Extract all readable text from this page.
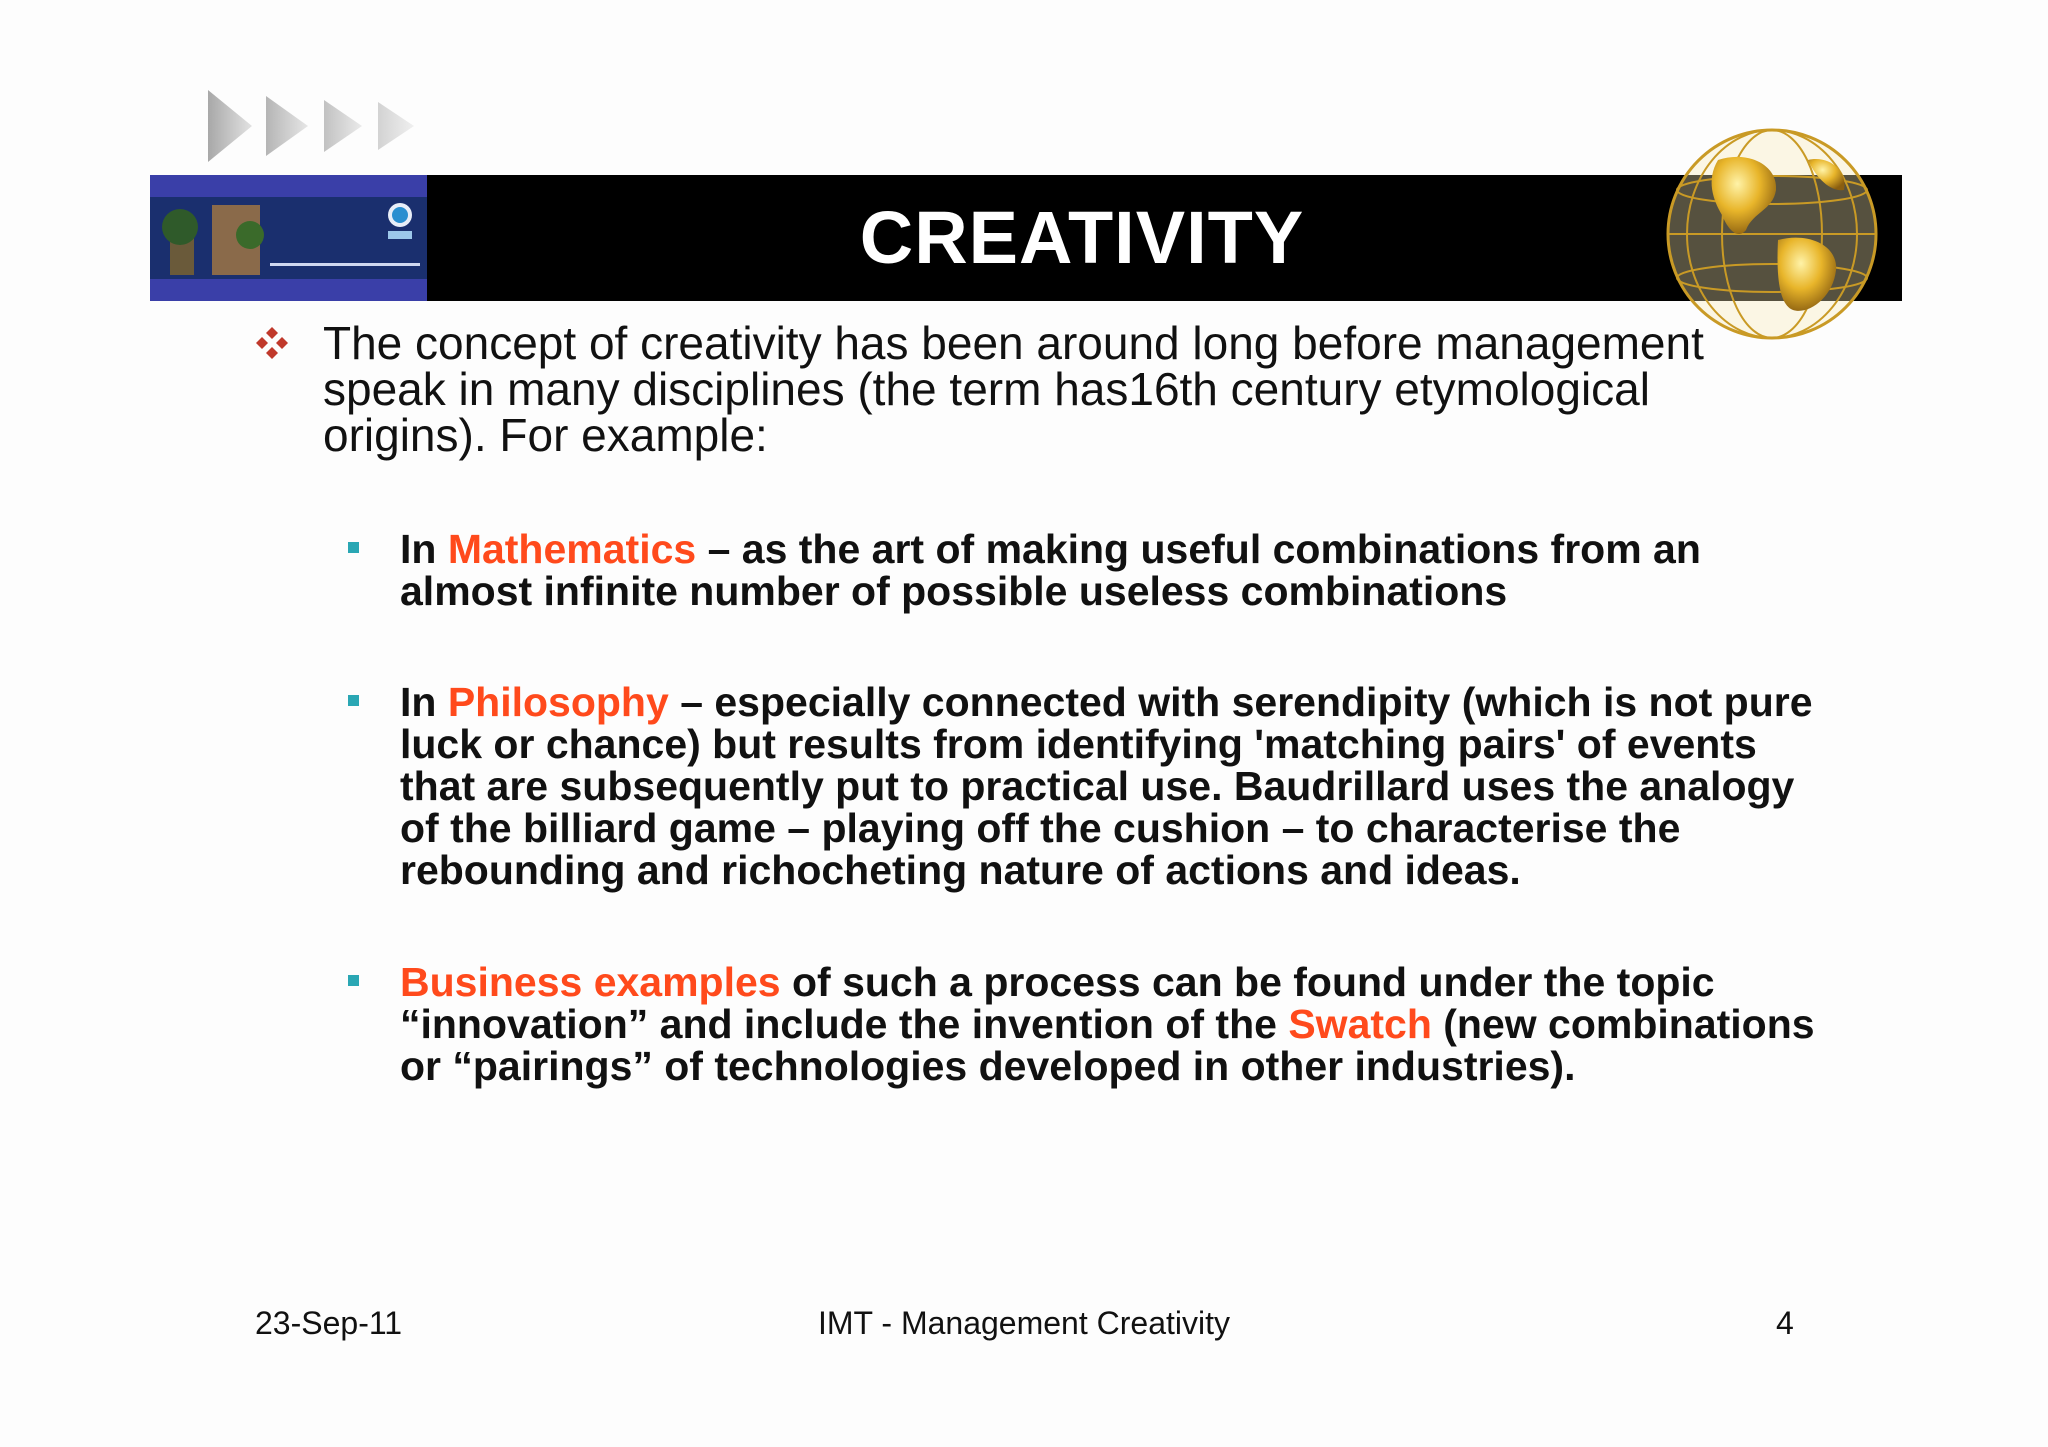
CREATIVITY
The concept of creativity has been around long before management speak in many disciplines (the term has16th century etymological origins). For example:
In Mathematics – as the art of making useful combinations from an almost infinite number of possible useless combinations
In Philosophy – especially connected with serendipity (which is not pure luck or chance) but results from identifying 'matching pairs' of events that are subsequently put to practical use. Baudrillard uses the analogy of the billiard game – playing off the cushion – to characterise the rebounding and richocheting nature of actions and ideas.
Business examples of such a process can be found under the topic “innovation” and include the invention of the Swatch (new combinations or “pairings” of technologies developed in other industries).
23-Sep-11	IMT - Management Creativity	4
